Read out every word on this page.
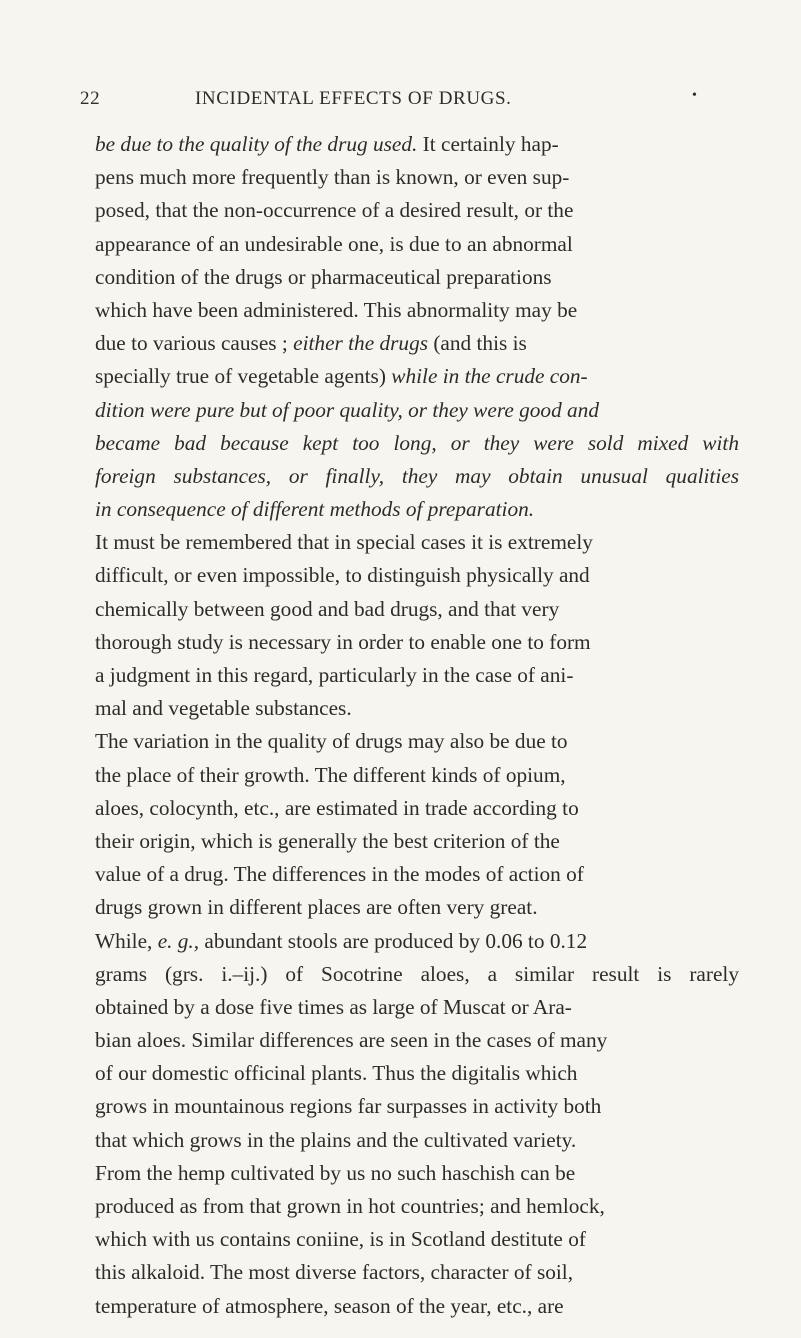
22	INCIDENTAL EFFECTS OF DRUGS.	•
be due to the quality of the drug used. It certainly hap-
pens much more frequently than is known, or even sup-
posed, that the non-occurrence of a desired result, or the
appearance of an undesirable one, is due to an abnormal
condition of the drugs or pharmaceutical preparations
which have been administered. This abnormality may be
due to various causes ; either the drugs (and this is
specially true of vegetable agents) while in the crude con-
dition were pure but of poor quality, or they were good and
became bad because kept too long, or they were sold mixed with
foreign substances, or finally, they may obtain unusual qualities
in consequence of different methods of preparation.
It must be remembered that in special cases it is extremely
difficult, or even impossible, to distinguish physically and
chemically between good and bad drugs, and that very
thorough study is necessary in order to enable one to form
a judgment in this regard, particularly in the case of ani-
mal and vegetable substances.
The variation in the quality of drugs may also be due to
the place of their growth. The different kinds of opium,
aloes, colocynth, etc., are estimated in trade according to
their origin, which is generally the best criterion of the
value of a drug. The differences in the modes of action of
drugs grown in different places are often very great.
While, e. g., abundant stools are produced by 0.06 to 0.12
grams (grs. i.–ij.) of Socotrine aloes, a similar result is rarely
obtained by a dose five times as large of Muscat or Ara-
bian aloes. Similar differences are seen in the cases of many
of our domestic officinal plants. Thus the digitalis which
grows in mountainous regions far surpasses in activity both
that which grows in the plains and the cultivated variety.
From the hemp cultivated by us no such haschish can be
produced as from that grown in hot countries; and hemlock,
which with us contains coniine, is in Scotland destitute of
this alkaloid. The most diverse factors, character of soil,
temperature of atmosphere, season of the year, etc., are
